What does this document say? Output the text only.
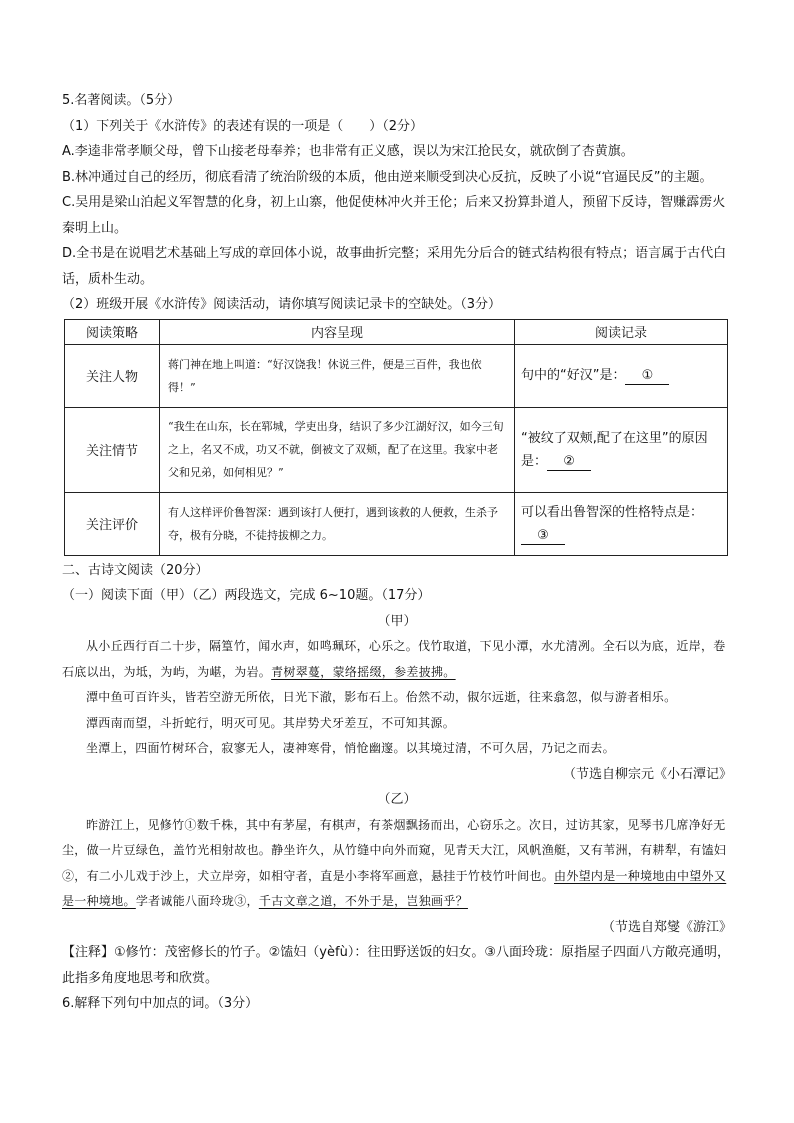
5.名著阅读。（5分）
（1）下列关于《水浒传》的表述有误的一项是（　　）（2分）
A.李逵非常孝顺父母，曾下山接老母奉养；也非常有正义感，误以为宋江抢民女，就砍倒了杏黄旗。
B.林冲通过自己的经历，彻底看清了统治阶级的本质，他由逆来顺受到决心反抗，反映了小说“官逼民反”的主题。
C.吴用是梁山泊起义军智慧的化身，初上山寨，他促使林冲火并王伦；后来又扮算卦道人，预留下反诗，智赚霹雳火秦明上山。
D.全书是在说唱艺术基础上写成的章回体小说，故事曲折完整；采用先分后合的链式结构很有特点；语言属于古代白话，质朴生动。
（2）班级开展《水浒传》阅读活动，请你填写阅读记录卡的空缺处。（3分）
阅读策略	内容呈现	阅读记录
关注人物	蒋门神在地上叫道：“好汉饶我！休说三件，便是三百件，我也依得！”	句中的“好汉”是： ①
关注情节	“我生在山东，长在郓城，学吏出身，结识了多少江湖好汉，如今三旬之上，名又不成，功又不就，倒被文了双颊，配了在这里。我家中老父和兄弟，如何相见？”	“被纹了双颊,配了在这里”的原因是： ②
关注评价	有人这样评价鲁智深：遇到该打人便打，遇到该救的人便救，生杀予夺，极有分晓，不徒持拔柳之力。	可以看出鲁智深的性格特点是：③
二、古诗文阅读（20分）
（一）阅读下面（甲）（乙）两段选文，完成 6~10题。（17分）
（甲）
从小丘西行百二十步，隔篁竹，闻水声，如鸣珮环，心乐之。伐竹取道，下见小潭，水尤清冽。全石以为底，近岸，卷石底以出，为坻，为屿，为嵁，为岩。青树翠蔓，蒙络摇缀，参差披拂。
潭中鱼可百许头，皆若空游无所依，日光下澈，影布石上。佁然不动，俶尔远逝，往来翕忽，似与游者相乐。
潭西南而望，斗折蛇行，明灭可见。其岸势犬牙差互，不可知其源。
坐潭上，四面竹树环合，寂寥无人，凄神寒骨，悄怆幽邃。以其境过清，不可久居，乃记之而去。
（节选自柳宗元《小石潭记》
（乙）
昨游江上，见修竹①数千株，其中有茅屋，有棋声，有茶烟飘扬而出，心窃乐之。次日，过访其家，见琴书几席净好无尘，做一片豆绿色，盖竹光相射故也。静坐许久，从竹缝中向外而窥，见青天大江，风帆渔艇，又有苇洲，有耕犁，有馌妇②，有二小儿戏于沙上，犬立岸旁，如相守者，直是小李将军画意，悬挂于竹枝竹叶间也。由外望内是一种境地由中望外又是一种境地。学者诚能八面玲珑③，千古文章之道，不外于是，岂独画乎？
（节选自郑燮《游江》
【注释】①修竹：茂密修长的竹子。②馌妇（yèfù）：往田野送饭的妇女。③八面玲珑：原指屋子四面八方敞亮通明，此指多角度地思考和欣赏。
6.解释下列句中加点的词。（3分）
